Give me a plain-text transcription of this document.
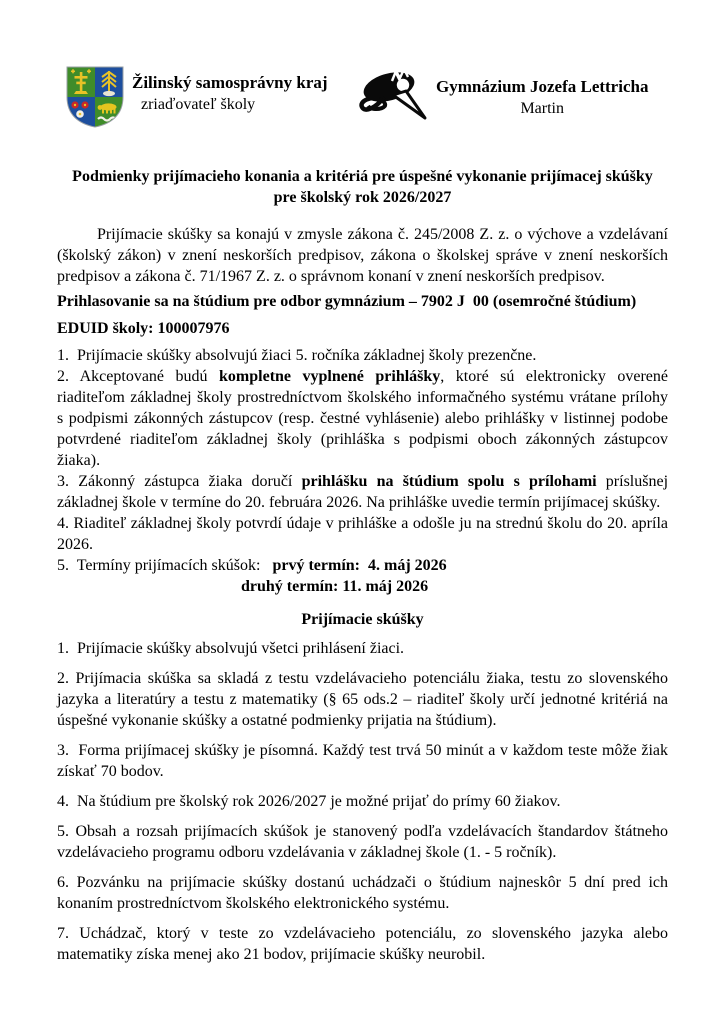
Žilinský samosprávny kraj
zriaďovateľ školy
Gymnázium Jozefa Lettricha
Martin
Podmienky prijímacieho konania a kritériá pre úspešné vykonanie prijímacej skúšky
pre školský rok 2026/2027

Prijímacie skúšky sa konajú v zmysle zákona č. 245/2008 Z. z. o výchove a vzdelávaní (školský zákon) v znení neskorších predpisov, zákona o školskej správe v znení neskorších predpisov a zákona č. 71/1967 Z. z. o správnom konaní v znení neskorších predpisov.

Prihlasovanie sa na štúdium pre odbor gymnázium – 7902 J  00 (osemročné štúdium)

EDUID školy: 100007976

1.  Prijímacie skúšky absolvujú žiaci 5. ročníka základnej školy prezenčne.

2. Akceptované budú kompletne vyplnené prihlášky, ktoré sú elektronicky overené riaditeľom základnej školy prostredníctvom školského informačného systému vrátane prílohy s podpismi zákonných zástupcov (resp. čestné vyhlásenie) alebo prihlášky v listinnej podobe potvrdené riaditeľom základnej školy (prihláška s podpismi oboch zákonných zástupcov žiaka).

3. Zákonný zástupca žiaka doručí prihlášku na štúdium spolu s prílohami príslušnej základnej škole v termíne do 20. februára 2026. Na prihláške uvedie termín prijímacej skúšky.

4. Riaditeľ základnej školy potvrdí údaje v prihláške a odošle ju na strednú školu do 20. apríla 2026.

5.  Termíny prijímacích skúšok:   prvý termín:  4. máj 2026

druhý termín: 11. máj 2026

Prijímacie skúšky

1.  Prijímacie skúšky absolvujú všetci prihlásení žiaci.

2. Prijímacia skúška sa skladá z testu vzdelávacieho potenciálu žiaka, testu zo slovenského jazyka a literatúry a testu z matematiky (§ 65 ods.2 – riaditeľ školy určí jednotné kritériá na úspešné vykonanie skúšky a ostatné podmienky prijatia na štúdium).

3.  Forma prijímacej skúšky je písomná. Každý test trvá 50 minút a v každom teste môže žiak získať 70 bodov.

4.  Na štúdium pre školský rok 2026/2027 je možné prijať do prímy 60 žiakov.

5. Obsah a rozsah prijímacích skúšok je stanovený podľa vzdelávacích štandardov štátneho vzdelávacieho programu odboru vzdelávania v základnej škole (1. - 5 ročník).

6. Pozvánku na prijímacie skúšky dostanú uchádzači o štúdium najneskôr 5 dní pred ich konaním prostredníctvom školského elektronického systému.

7. Uchádzač, ktorý v teste zo vzdelávacieho potenciálu, zo slovenského jazyka alebo matematiky získa menej ako 21 bodov, prijímacie skúšky neurobil.
